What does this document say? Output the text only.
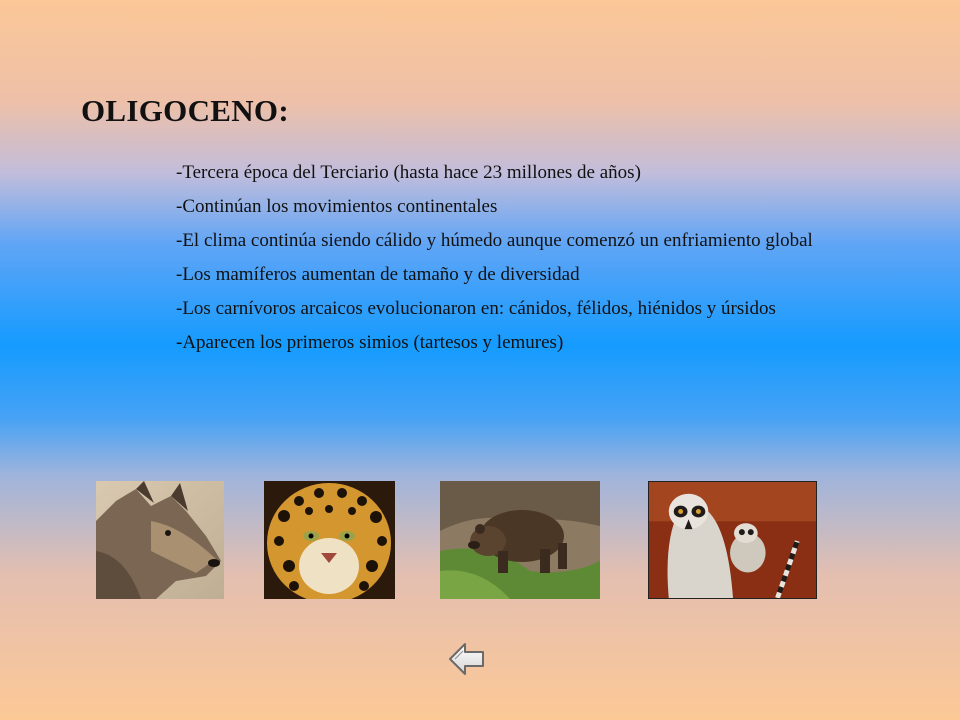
OLIGOCENO:
-Tercera época del Terciario (hasta hace 23 millones de años)
-Continúan los movimientos continentales
-El clima continúa siendo cálido y húmedo aunque comenzó un enfriamiento global
-Los mamíferos aumentan de tamaño y de diversidad
-Los carnívoros arcaicos evolucionaron en: cánidos, félidos, hiénidos y úrsidos
-Aparecen los primeros simios (tartesos y lemures)
